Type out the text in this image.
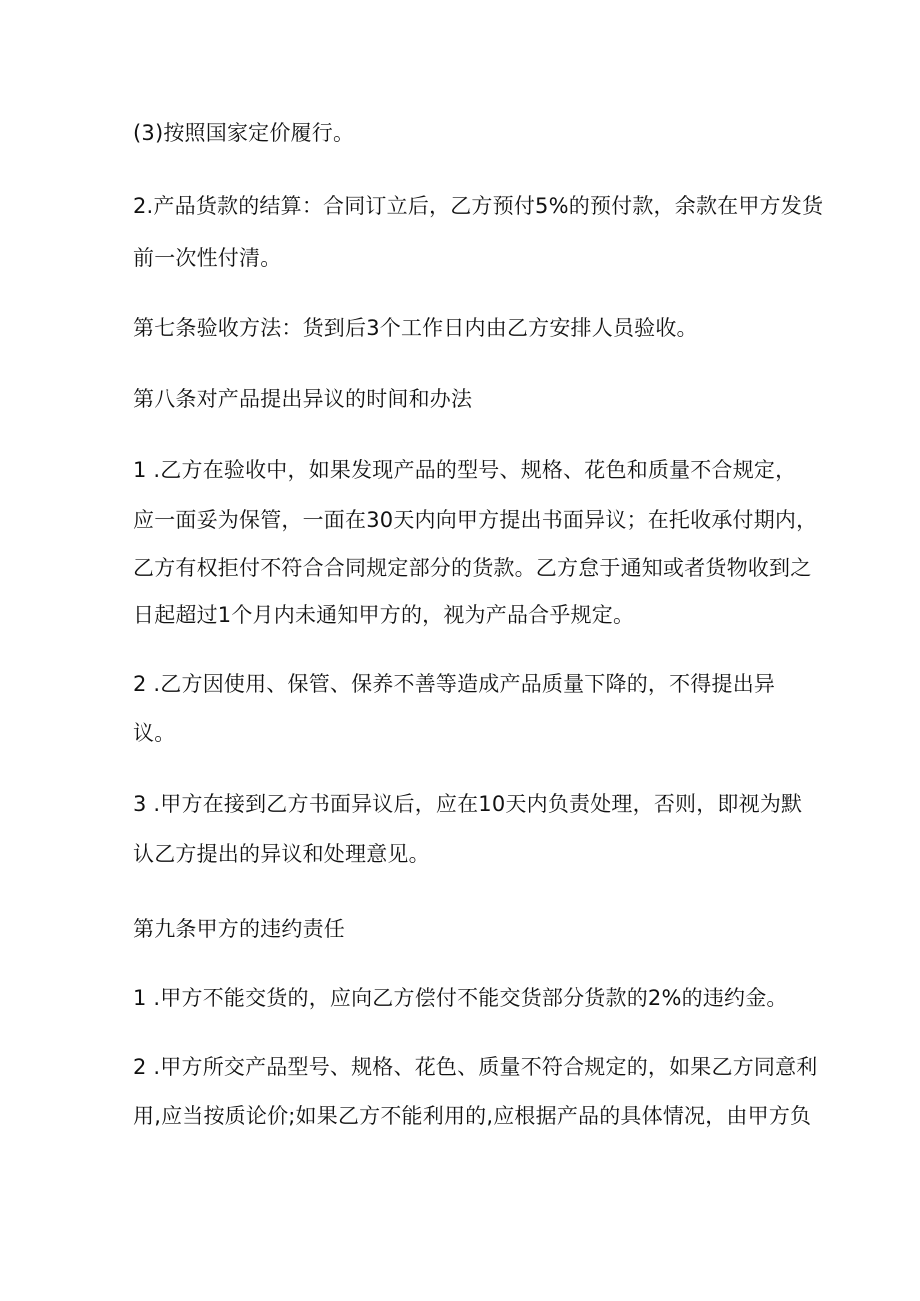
(3)按照国家定价履行。
2.产品货款的结算：合同订立后，乙方预付5%的预付款，余款在甲方发货
前一次性付清。
第七条验收方法：货到后3个工作日内由乙方安排人员验收。
第八条对产品提出异议的时间和办法
1 .乙方在验收中，如果发现产品的型号、规格、花色和质量不合规定，
应一面妥为保管，一面在30天内向甲方提出书面异议；在托收承付期内，
乙方有权拒付不符合合同规定部分的货款。乙方怠于通知或者货物收到之
日起超过1个月内未通知甲方的，视为产品合乎规定。
2 .乙方因使用、保管、保养不善等造成产品质量下降的，不得提出异
议。
3 .甲方在接到乙方书面异议后，应在10天内负责处理，否则，即视为默
认乙方提出的异议和处理意见。
第九条甲方的违约责任
1 .甲方不能交货的，应向乙方偿付不能交货部分货款的2%的违约金。
2 .甲方所交产品型号、规格、花色、质量不符合规定的，如果乙方同意利
用,应当按质论价;如果乙方不能利用的,应根据产品的具体情况，由甲方负
